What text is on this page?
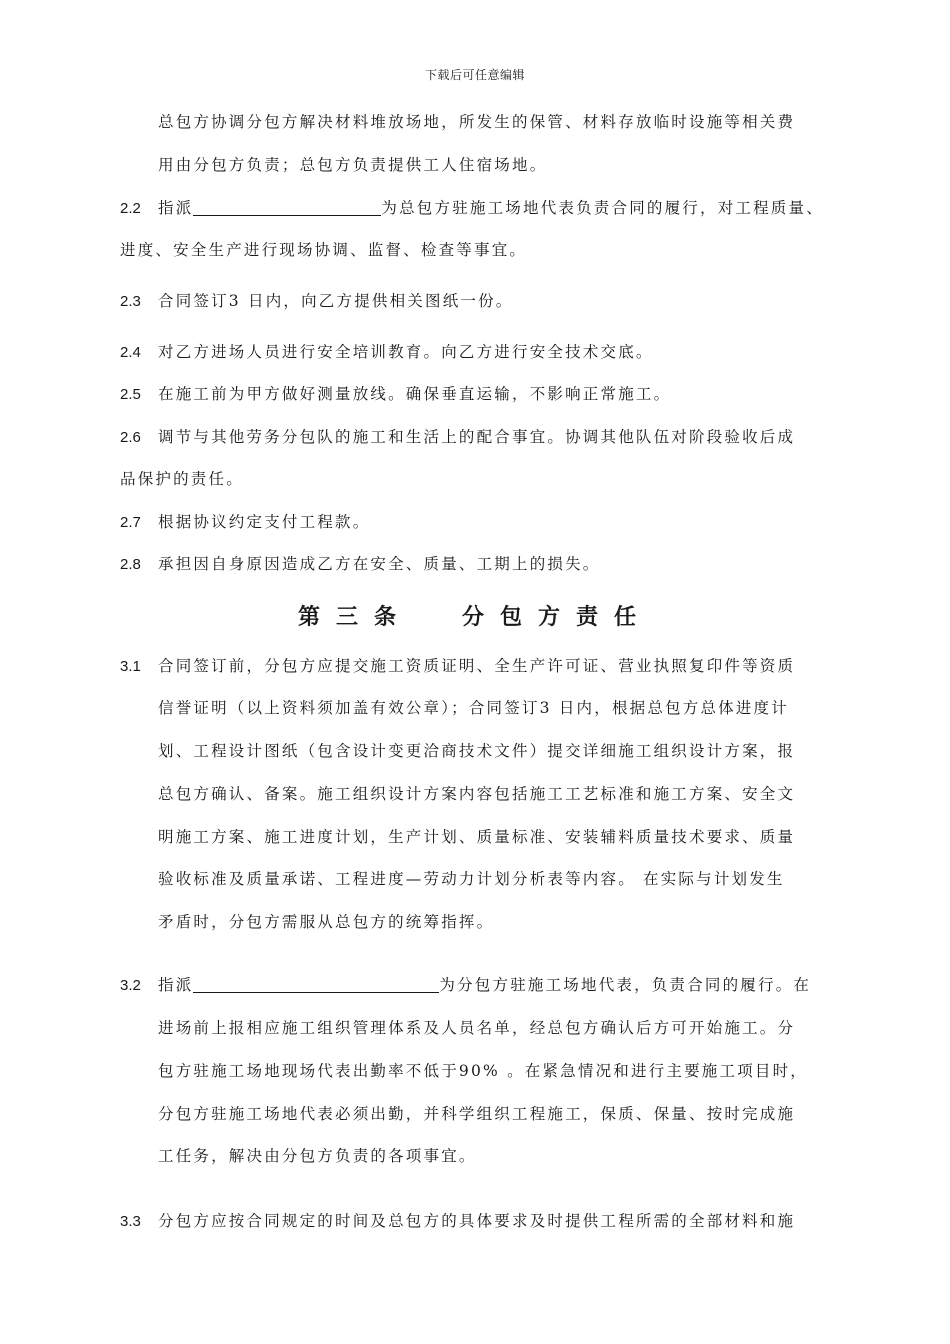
下载后可任意编辑
总包方协调分包方解决材料堆放场地，所发生的保管、材料存放临时设施等相关费
用由分包方负责；总包方负责提供工人住宿场地。
2.2 指派	为总包方驻施工场地代表负责合同的履行，对工程质量、
进度、安全生产进行现场协调、监督、检查等事宜。
2.3 合同签订3 日内，向乙方提供相关图纸一份。
2.4 对乙方进场人员进行安全培训教育。向乙方进行安全技术交底。
2.5 在施工前为甲方做好测量放线。确保垂直运输，不影响正常施工。
2.6 调节与其他劳务分包队的施工和生活上的配合事宜。协调其他队伍对阶段验收后成
品保护的责任。
2.7 根据协议约定支付工程款。
2.8 承担因自身原因造成乙方在安全、质量、工期上的损失。
第三条 分包方责任
3.1 合同签订前，分包方应提交施工资质证明、全生产许可证、营业执照复印件等资质
信誉证明（以上资料须加盖有效公章）；合同签订3 日内，根据总包方总体进度计
划、工程设计图纸（包含设计变更洽商技术文件）提交详细施工组织设计方案，报
总包方确认、备案。施工组织设计方案内容包括施工工艺标准和施工方案、安全文
明施工方案、施工进度计划，生产计划、质量标准、安装辅料质量技术要求、质量
验收标准及质量承诺、工程进度—劳动力计划分析表等内容。 在实际与计划发生
矛盾时，分包方需服从总包方的统筹指挥。
3.2 指派	为分包方驻施工场地代表，负责合同的履行。在
进场前上报相应施工组织管理体系及人员名单，经总包方确认后方可开始施工。分
包方驻施工场地现场代表出勤率不低于90% 。在紧急情况和进行主要施工项目时，
分包方驻施工场地代表必须出勤，并科学组织工程施工，保质、保量、按时完成施
工任务，解决由分包方负责的各项事宜。
3.3 分包方应按合同规定的时间及总包方的具体要求及时提供工程所需的全部材料和施
